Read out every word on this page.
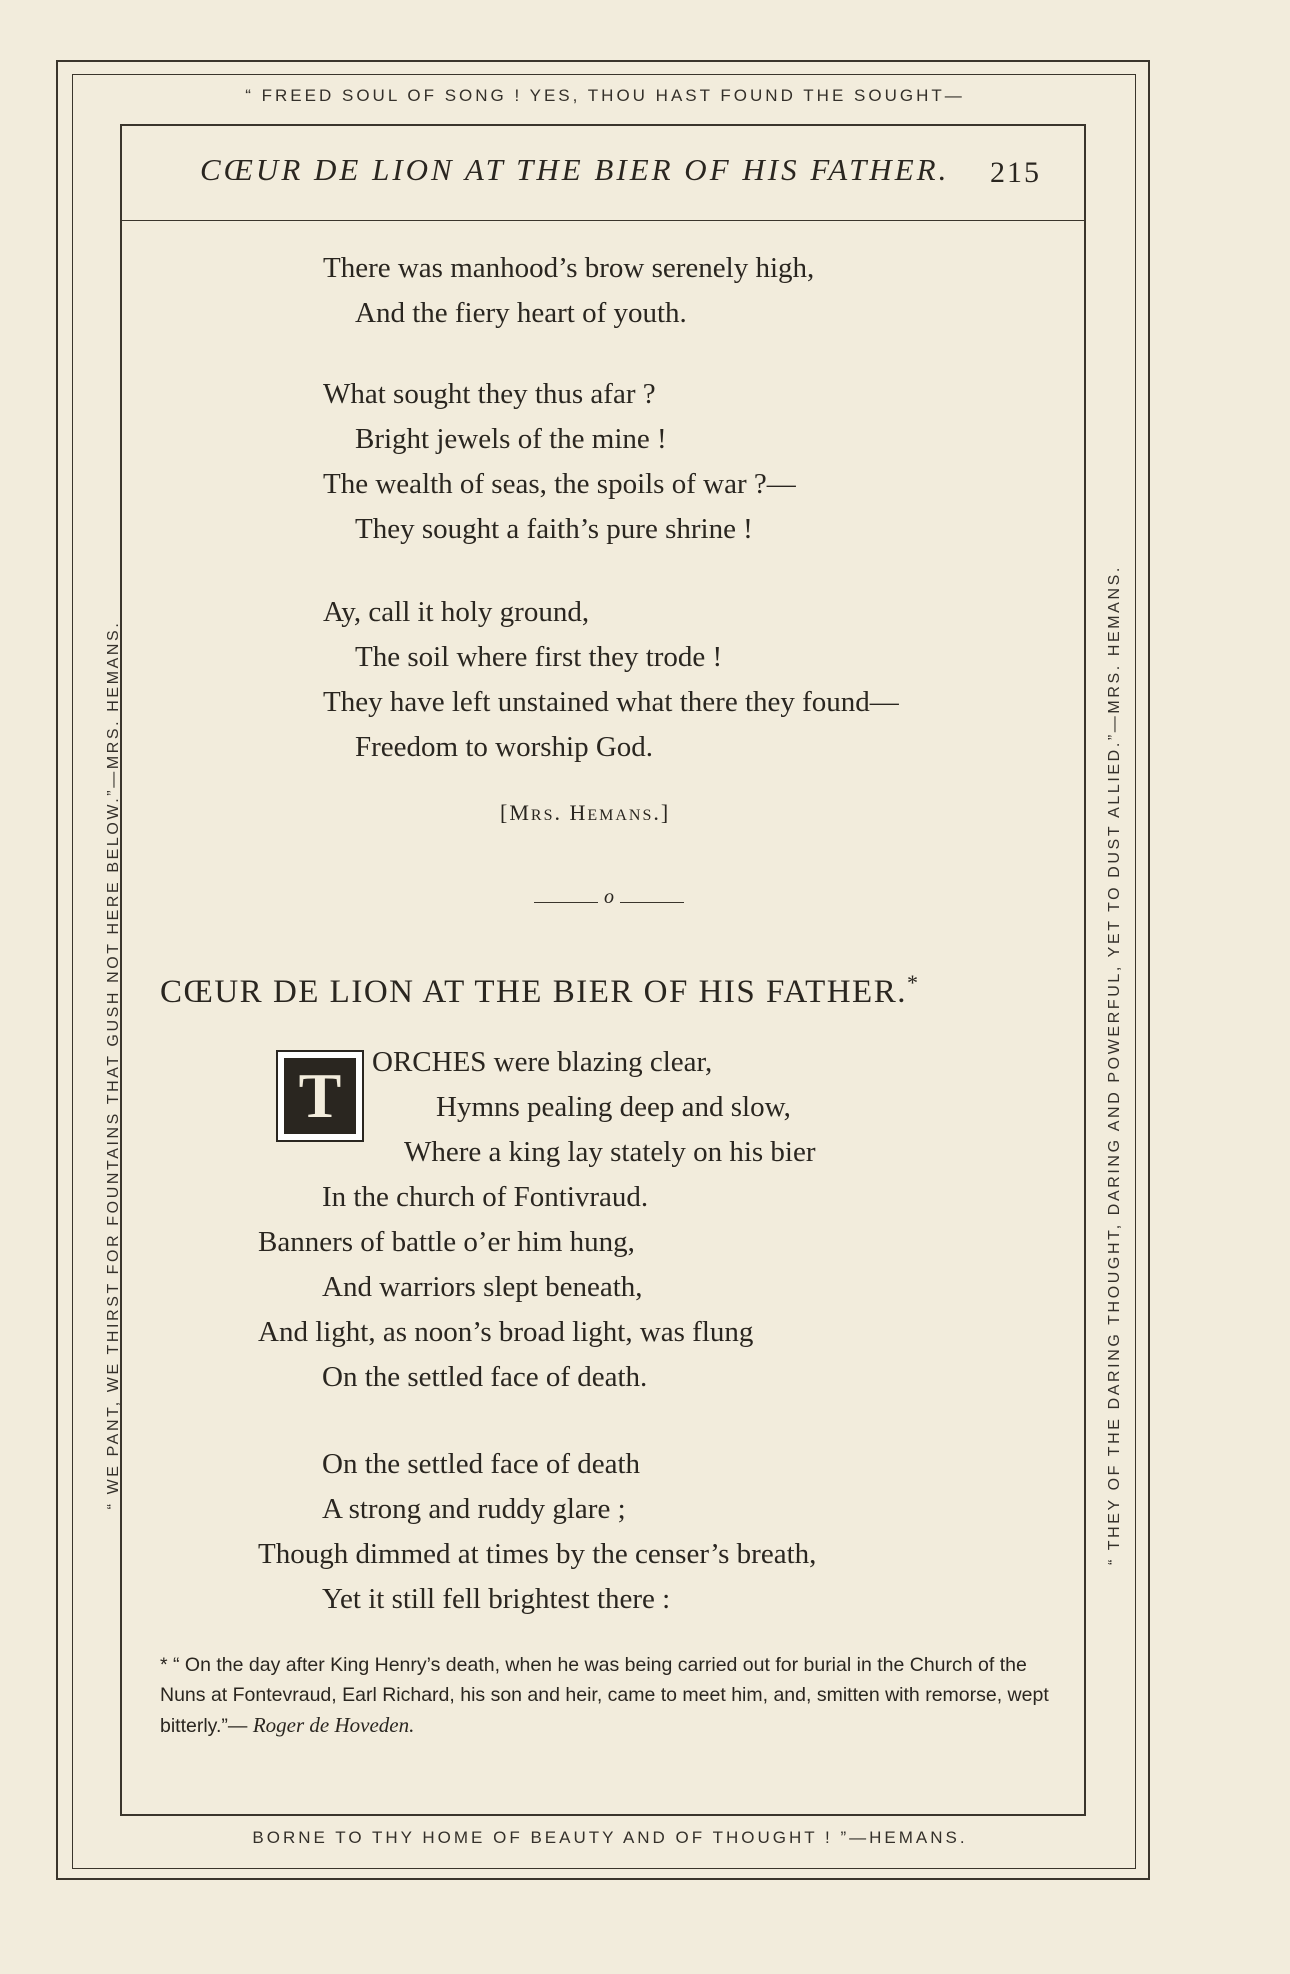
“ FREED SOUL OF SONG ! YES, THOU HAST FOUND THE SOUGHT—
BORNE TO THY HOME OF BEAUTY AND OF THOUGHT ! ”—HEMANS.
“ WE PANT, WE THIRST FOR FOUNTAINS THAT GUSH NOT HERE BELOW.”—MRS. HEMANS.	“ THEY OF THE DARING THOUGHT, DARING AND POWERFUL, YET TO DUST ALLIED.”—MRS. HEMANS.
CŒUR DE LION AT THE BIER OF HIS FATHER.	215
There was manhood’s brow serenely high,
And the fiery heart of youth.
What sought they thus afar ?
Bright jewels of the mine !
The wealth of seas, the spoils of war ?—
They sought a faith’s pure shrine !
Ay, call it holy ground,
The soil where first they trode !
They have left unstained what there they found—
Freedom to worship God.
[MRS. HEMANS.]
o
CŒUR DE LION AT THE BIER OF HIS FATHER.*
T	ORCHES were blazing clear,
Hymns pealing deep and slow,
Where a king lay stately on his bier
In the church of Fontivraud.
Banners of battle o’er him hung,
And warriors slept beneath,
And light, as noon’s broad light, was flung
On the settled face of death.
On the settled face of death
A strong and ruddy glare ;
Though dimmed at times by the censer’s breath,
Yet it still fell brightest there :
* “ On the day after King Henry’s death, when he was being carried out for burial in the Church of the Nuns at Fontevraud, Earl Richard, his son and heir, came to meet him, and, smitten with remorse, wept bitterly.”— Roger de Hoveden.
